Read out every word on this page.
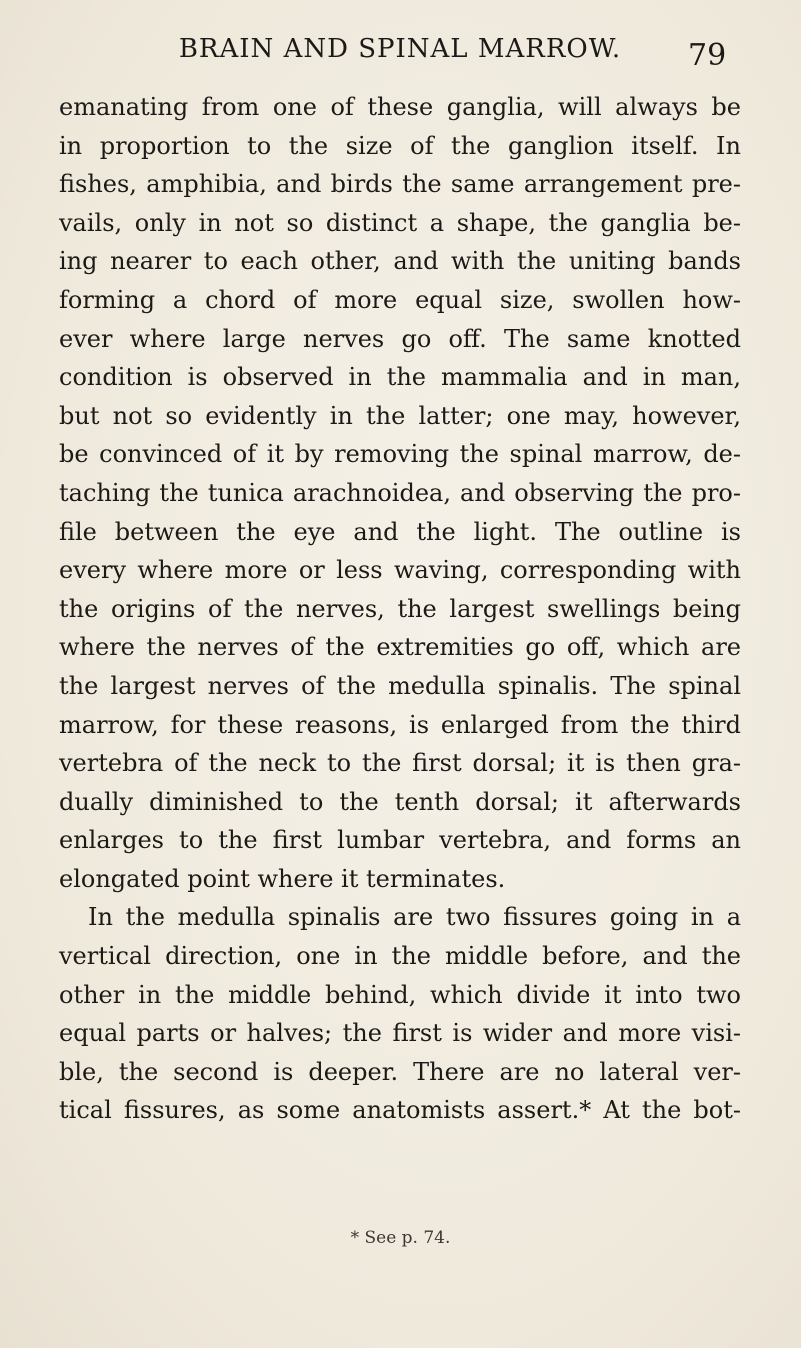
BRAIN AND SPINAL MARROW.	79
emanating from one of these ganglia, will always be
in proportion to the size of the ganglion itself. In
fishes, amphibia, and birds the same arrangement pre-
vails, only in not so distinct a shape, the ganglia be-
ing nearer to each other, and with the uniting bands
forming a chord of more equal size, swollen how-
ever where large nerves go off. The same knotted
condition is observed in the mammalia and in man,
but not so evidently in the latter; one may, however,
be convinced of it by removing the spinal marrow, de-
taching the tunica arachnoidea, and observing the pro-
file between the eye and the light. The outline is
every where more or less waving, corresponding with
the origins of the nerves, the largest swellings being
where the nerves of the extremities go off, which are
the largest nerves of the medulla spinalis. The spinal
marrow, for these reasons, is enlarged from the third
vertebra of the neck to the first dorsal; it is then gra-
dually diminished to the tenth dorsal; it afterwards
enlarges to the first lumbar vertebra, and forms an
elongated point where it terminates.
In the medulla spinalis are two fissures going in a
vertical direction, one in the middle before, and the
other in the middle behind, which divide it into two
equal parts or halves; the first is wider and more visi-
ble, the second is deeper. There are no lateral ver-
tical fissures, as some anatomists assert.* At the bot-
* See p. 74.
